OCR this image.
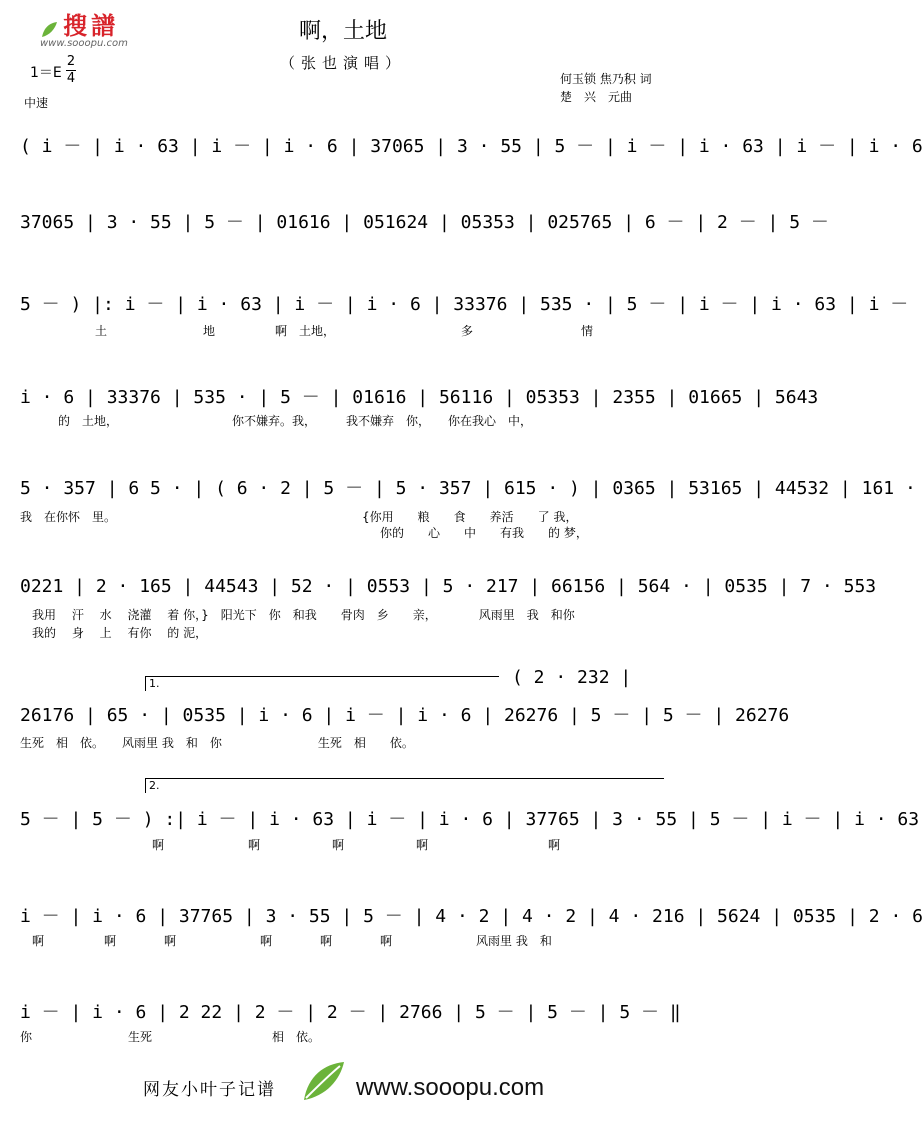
搜譜
www.sooopu.com	啊，土地
（张也演唱）
1＝E
2
4
中速
何玉锁 焦乃积 词
楚　兴　元曲
( i － | i · 63 | i － | i · 6 | 37065 | 3 · 55 | 5 － | i － | i · 63 | i － | i · 6
37065 | 3 · 55 | 5 － | 01616 | 051624 | 05353 | 025765 | 6 － | 2 － | 5 －
5 － ) |: i － | i · 63 | i － | i · 6 | 33376 | 535 · | 5 － | i － | i · 63 | i －
土　　　　　　　　地　　　　　啊　土地，　　　　　　　　　　　多　　　　　　　　　情
i · 6 | 33376 | 535 · | 5 － | 01616 | 56116 | 05353 | 2355 | 01665 | 5643
的　土地，　　　　　　　　　　你不嫌弃。我，　　　我不嫌弃　你，　　你在我心　中，
5 · 357 | 6 5 · | ( 6 · 2 | 5 － | 5 · 357 | 615 · ) | 0365 | 53165 | 44532 | 161 ·
我　在你怀　里。　　　　　　　　　　　　　　　　　　　　　{你用　　粮　　食　　养活　　了 我，
　　　　　　　　　　　　　　　　　　　　　　　　　　　　　　你的　　心　　中　　有我　　的 梦，
0221 | 2 · 165 | 44543 | 52 · | 0553 | 5 · 217 | 66156 | 564 · | 0535 | 7 · 553
我用　 汗　 水　 浇灌　 着 你，}　阳光下　你　和我　　骨肉　乡　　亲，　　　　风雨里　我　和你
我的　 身　 上　 有你　 的 泥，
1.	( 2 · 232 |
26176 | 65 · | 0535 | i · 6 | i － | i · 6 | 26276 | 5 － | 5 － | 26276
生死　相　依。　　风雨里 我　和　你　　　　　　　　生死　相　　依。
2.
5 － | 5 － ) :| i － | i · 63 | i － | i · 6 | 37765 | 3 · 55 | 5 － | i － | i · 63
啊　　　　　　　啊　　　　　　啊　　　　　　啊　　　　　　　　　　啊
i － | i · 6 | 37765 | 3 · 55 | 5 － | 4 · 2 | 4 · 2 | 4 · 216 | 5624 | 0535 | 2 · 6
啊　　　　　啊　　　　啊　　　　　　　啊　　　　啊　　　　啊　　　　　　　风雨里 我　和
i － | i · 6 | 2 22 | 2 － | 2 － | 2766 | 5 － | 5 － | 5 － ‖
你　　　　　　　　生死　　　　　　　　　　相　依。
网友小叶子记谱	www.sooopu.com
